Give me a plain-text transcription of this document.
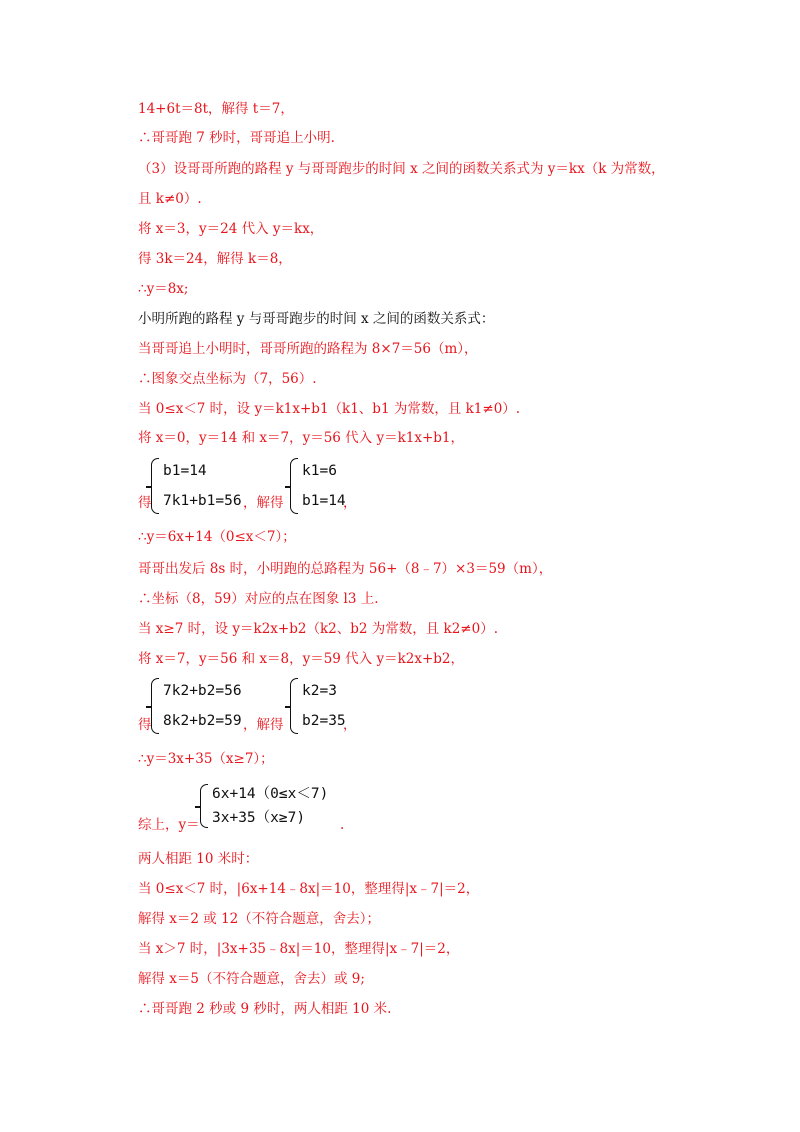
14+6t＝8t，解得 t＝7，
∴哥哥跑 7 秒时，哥哥追上小明.
（3）设哥哥所跑的路程 y 与哥哥跑步的时间 x 之间的函数关系式为 y＝kx（k 为常数，
且 k≠0）.
将 x＝3，y＝24 代入 y＝kx，
得 3k＝24，解得 k＝8，
∴y＝8x;
小明所跑的路程 y 与哥哥跑步的时间 x 之间的函数关系式：
当哥哥追上小明时，哥哥所跑的路程为 8×7＝56（m），
∴图象交点坐标为（7，56）.
当 0≤x＜7 时，设 y＝k1x+b1（k1、b1 为常数，且 k1≠0）.
将 x＝0，y＝14 和 x＝7，y＝56 代入 y＝k1x+b1，
得
b1=14
7k1+b1=56 ，解得
k1=6
b1=14
，
∴y＝6x+14（0≤x＜7）；
哥哥出发后 8s 时，小明跑的总路程为 56+（8﹣7）×3＝59（m），
∴坐标（8，59）对应的点在图象 l3 上.
当 x≥7 时，设 y＝k2x+b2（k2、b2 为常数，且 k2≠0）.
将 x＝7，y＝56 和 x＝8，y＝59 代入 y＝k2x+b2，
得
7k2+b2=56
8k2+b2=59 ，解得
k2=3
b2=35
，
∴y＝3x+35（x≥7）；
综上，y＝
6x+14（0≤x＜7)
3x+35（x≥7)	.
两人相距 10 米时：
当 0≤x＜7 时，|6x+14﹣8x|＝10，整理得|x﹣7|＝2，
解得 x＝2 或 12（不符合题意，舍去）；
当 x＞7 时，|3x+35﹣8x|＝10，整理得|x﹣7|＝2，
解得 x＝5（不符合题意，舍去）或 9;
∴哥哥跑 2 秒或 9 秒时，两人相距 10 米.
